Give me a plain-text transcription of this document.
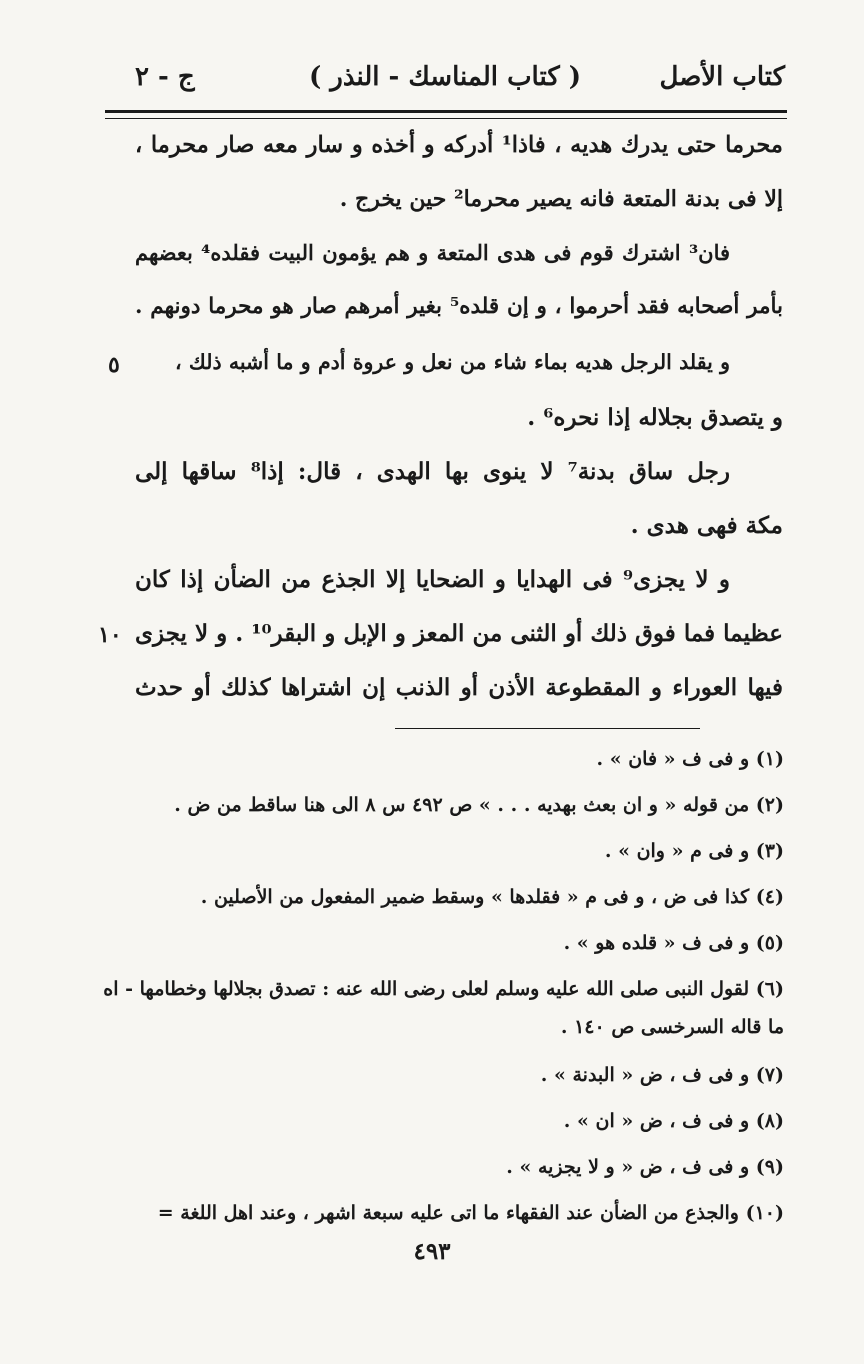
كتاب الأصل
( كتاب المناسك - النذر )
ج - ٢
محرما حتى يدرك هديه ، فاذا¹ أدركه و أخذه و سار معه صار محرما ،
إلا فى بدنة المتعة فانه يصير محرما² حين يخرج .
فان³ اشترك قوم فى هدى المتعة و هم يؤمون البيت فقلده⁴ بعضهم
بأمر أصحابه فقد أحرموا ، و إن قلده⁵ بغير أمرهم صار هو محرما دونهم .
و يقلد الرجل هديه بماء شاء من نعل و عروة أدم و ما أشبه ذلك ،
و يتصدق بجلاله إذا نحره⁶ .
رجل ساق بدنة⁷ لا ينوى بها الهدى ، قال: إذا⁸ ساقها إلى
مكة فهى هدى .
و لا يجزى⁹ فى الهدايا و الضحايا إلا الجذع من الضأن إذا كان
عظيما فما فوق ذلك أو الثنى من المعز و الإبل و البقر¹⁰ . و لا يجزى
فيها العوراء و المقطوعة الأذن أو الذنب إن اشتراها كذلك أو حدث
٥
١٠
(١) و فى ف « فان » .
(٢) من قوله « و ان بعث بهديه . . . » ص ٤٩٢ س ٨ الى هنا ساقط من ض .
(٣) و فى م « وان » .
(٤) كذا فى ض ، و فى م « فقلدها » وسقط ضمير المفعول من الأصلين .
(٥) و فى ف « قلده هو » .
(٦) لقول النبى صلى الله عليه وسلم لعلى رضى الله عنه : تصدق بجلالها وخطامها - اه
ما قاله السرخسى ص ١٤٠ .
(٧) و فى ف ، ض « البدنة » .
(٨) و فى ف ، ض « ان » .
(٩) و فى ف ، ض « و لا يجزيه » .
(١٠) والجذع من الضأن عند الفقهاء ما اتى عليه سبعة اشهر ، وعند اهل اللغة =
٤٩٣
